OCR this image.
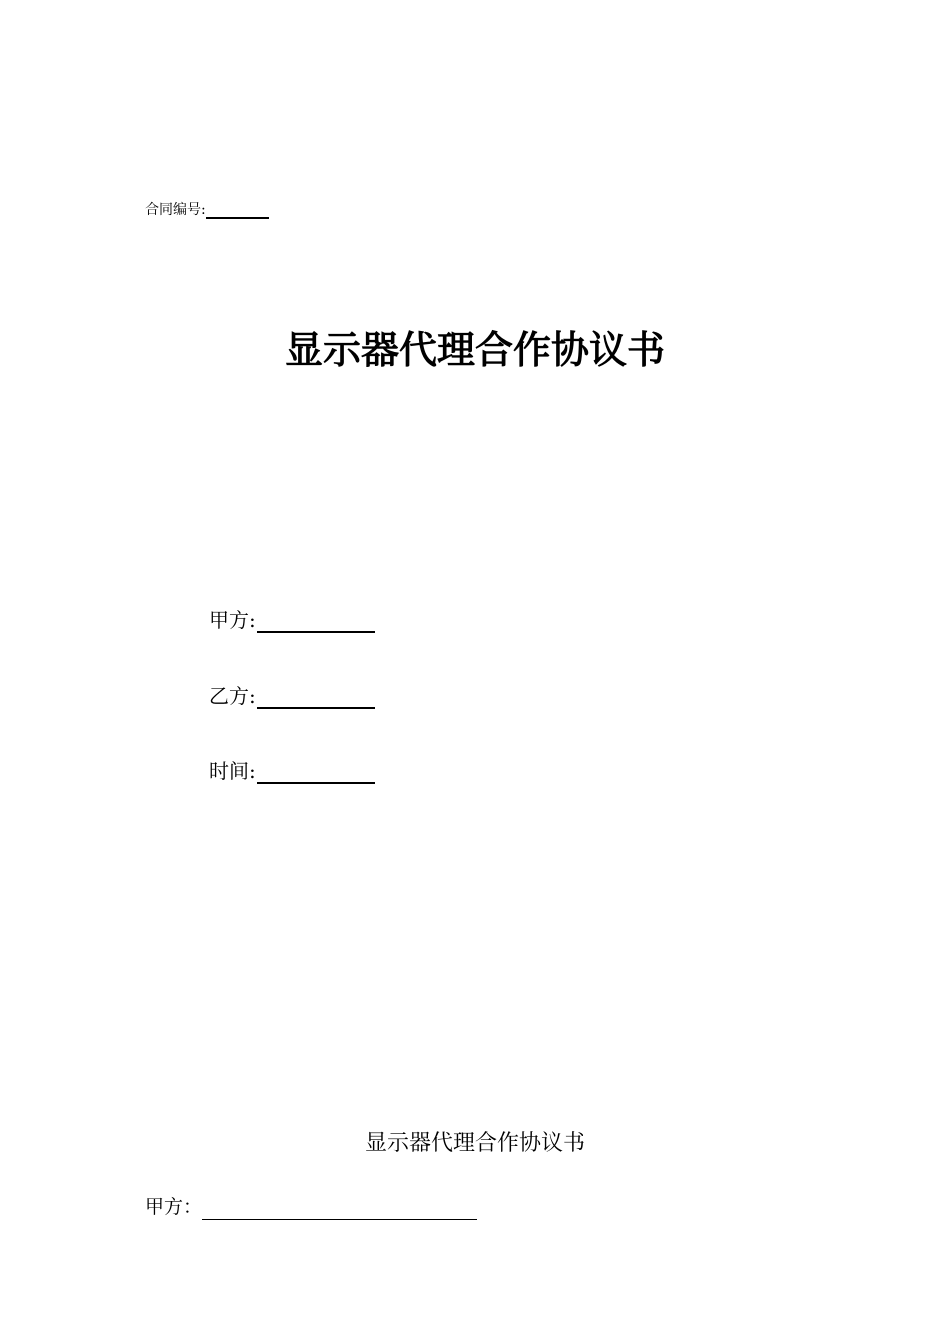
合同编号:
显示器代理合作协议书
甲方:
乙方:
时间:
显示器代理合作协议书
甲方：
